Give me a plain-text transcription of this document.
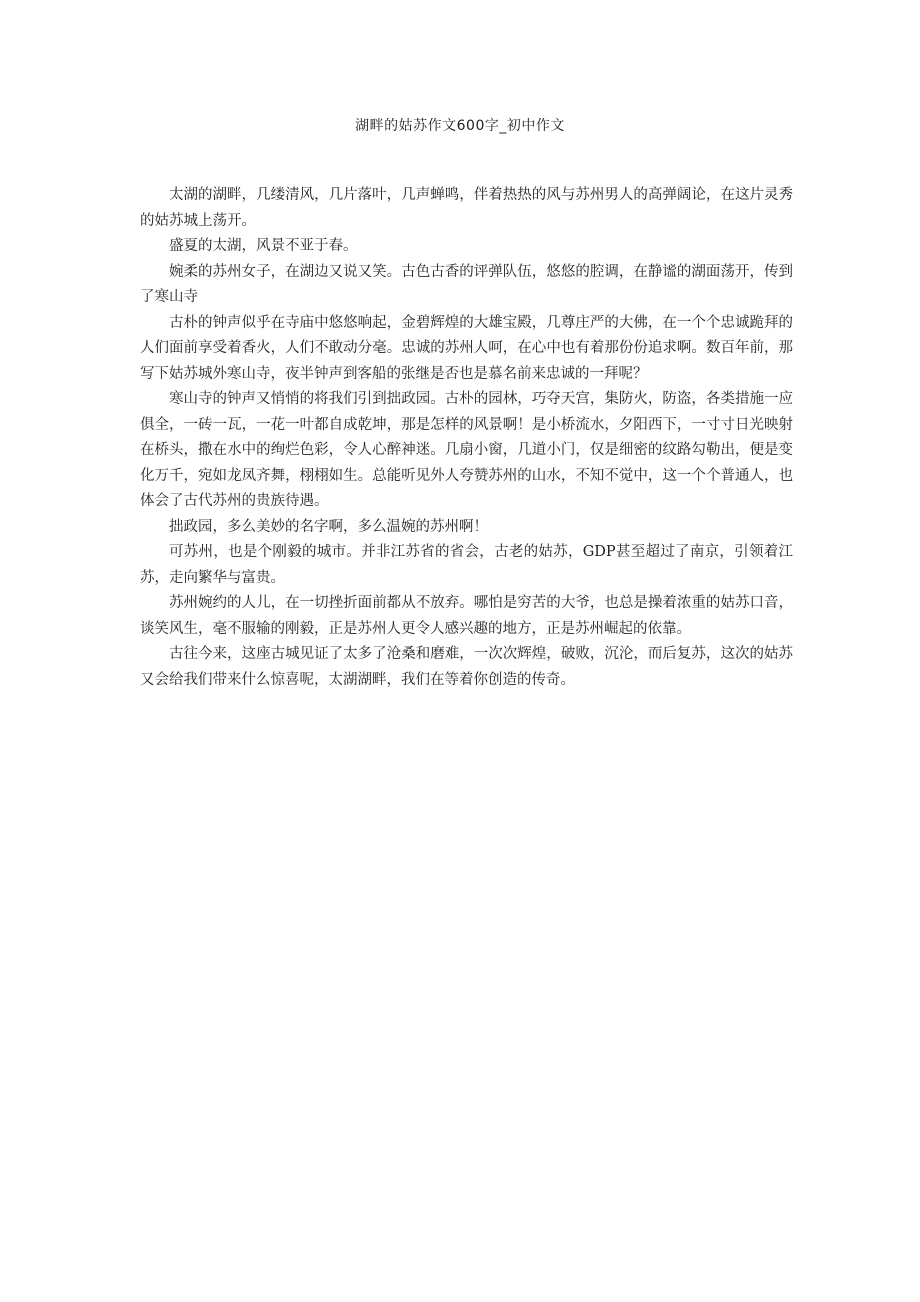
湖畔的姑苏作文600字_初中作文

太湖的湖畔，几缕清风，几片落叶，几声蝉鸣，伴着热热的风与苏州男人的高弹阔论，在这片灵秀的姑苏城上荡开。

盛夏的太湖，风景不亚于春。

婉柔的苏州女子，在湖边又说又笑。古色古香的评弹队伍，悠悠的腔调，在静谧的湖面荡开，传到了寒山寺

古朴的钟声似乎在寺庙中悠悠响起，金碧辉煌的大雄宝殿，几尊庄严的大佛，在一个个忠诚跪拜的人们面前享受着香火，人们不敢动分毫。忠诚的苏州人呵，在心中也有着那份份追求啊。数百年前，那写下姑苏城外寒山寺，夜半钟声到客船的张继是否也是慕名前来忠诚的一拜呢？

寒山寺的钟声又悄悄的将我们引到拙政园。古朴的园林，巧夺天宫，集防火，防盗，各类措施一应俱全，一砖一瓦，一花一叶都自成乾坤，那是怎样的风景啊！是小桥流水，夕阳西下，一寸寸日光映射在桥头，撒在水中的绚烂色彩，令人心醉神迷。几扇小窗，几道小门，仅是细密的纹路勾勒出，便是变化万千，宛如龙凤齐舞，栩栩如生。总能听见外人夸赞苏州的山水，不知不觉中，这一个个普通人，也体会了古代苏州的贵族待遇。

拙政园，多么美妙的名字啊，多么温婉的苏州啊！

可苏州，也是个刚毅的城市。并非江苏省的省会，古老的姑苏，GDP甚至超过了南京，引领着江苏，走向繁华与富贵。

苏州婉约的人儿，在一切挫折面前都从不放弃。哪怕是穷苦的大爷，也总是操着浓重的姑苏口音，谈笑风生，毫不服输的刚毅，正是苏州人更令人感兴趣的地方，正是苏州崛起的依靠。

古往今来，这座古城见证了太多了沧桑和磨难，一次次辉煌，破败，沉沦，而后复苏，这次的姑苏又会给我们带来什么惊喜呢，太湖湖畔，我们在等着你创造的传奇。
